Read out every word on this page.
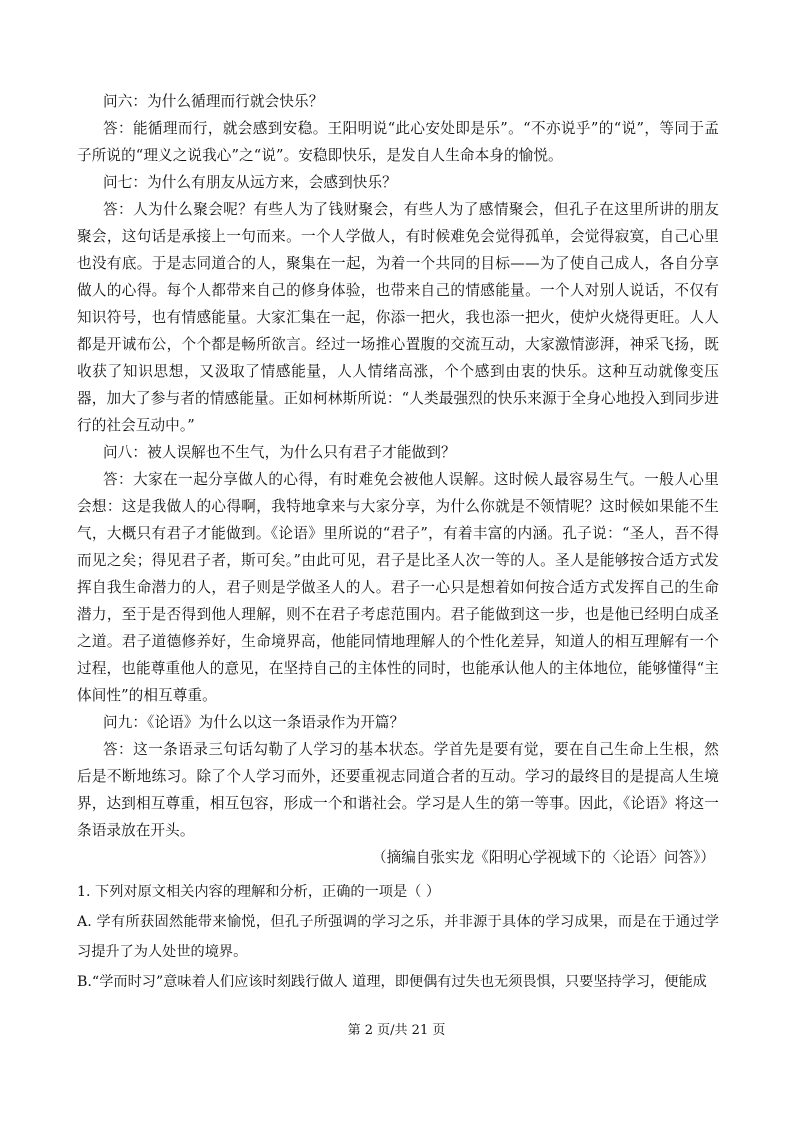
问六：为什么循理而行就会快乐？

答：能循理而行，就会感到安稳。王阳明说“此心安处即是乐”。“不亦说乎”的“说”，等同于孟子所说的“理义之说我心”之“说”。安稳即快乐，是发自人生命本身的愉悦。

问七：为什么有朋友从远方来，会感到快乐？

答：人为什么聚会呢？有些人为了钱财聚会，有些人为了感情聚会，但孔子在这里所讲的朋友聚会，这句话是承接上一句而来。一个人学做人，有时候难免会觉得孤单，会觉得寂寞，自己心里也没有底。于是志同道合的人，聚集在一起，为着一个共同的目标——为了使自己成人，各自分享做人的心得。每个人都带来自己的修身体验，也带来自己的情感能量。一个人对别人说话，不仅有知识符号，也有情感能量。大家汇集在一起，你添一把火，我也添一把火，使炉火烧得更旺。人人都是开诚布公，个个都是畅所欲言。经过一场推心置腹的交流互动，大家激情澎湃，神采飞扬，既收获了知识思想，又汲取了情感能量，人人情绪高涨，个个感到由衷的快乐。这种互动就像变压器，加大了参与者的情感能量。正如柯林斯所说：“人类最强烈的快乐来源于全身心地投入到同步进行的社会互动中。”

问八：被人误解也不生气，为什么只有君子才能做到？

答：大家在一起分享做人的心得，有时难免会被他人误解。这时候人最容易生气。一般人心里会想：这是我做人的心得啊，我特地拿来与大家分享，为什么你就是不领情呢？这时候如果能不生气，大概只有君子才能做到。《论语》里所说的“君子”，有着丰富的内涵。孔子说：“圣人，吾不得而见之矣；得见君子者，斯可矣。”由此可见，君子是比圣人次一等的人。圣人是能够按合适方式发挥自我生命潜力的人，君子则是学做圣人的人。君子一心只是想着如何按合适方式发挥自己的生命潜力，至于是否得到他人理解，则不在君子考虑范围内。君子能做到这一步，也是他已经明白成圣之道。君子道德修养好，生命境界高，他能同情地理解人的个性化差异，知道人的相互理解有一个过程，也能尊重他人的意见，在坚持自己的主体性的同时，也能承认他人的主体地位，能够懂得“主体间性”的相互尊重。

问九：《论语》为什么以这一条语录作为开篇？

答：这一条语录三句话勾勒了人学习的基本状态。学首先是要有觉，要在自己生命上生根，然后是不断地练习。除了个人学习而外，还要重视志同道合者的互动。学习的最终目的是提高人生境界，达到相互尊重，相互包容，形成一个和谐社会。学习是人生的第一等事。因此，《论语》将这一条语录放在开头。

（摘编自张实龙《阳明心学视域下的〈论语〉问答》）

1. 下列对原文相关内容的理解和分析，正确的一项是（ ）

A. 学有所获固然能带来愉悦，但孔子所强调的学习之乐，并非源于具体的学习成果，而是在于通过学习提升了为人处世的境界。

B.“学而时习”意味着人们应该时刻践行做人 道理，即便偶有过失也无须畏惧，只要坚持学习，便能成

第 2 页/共 21 页
